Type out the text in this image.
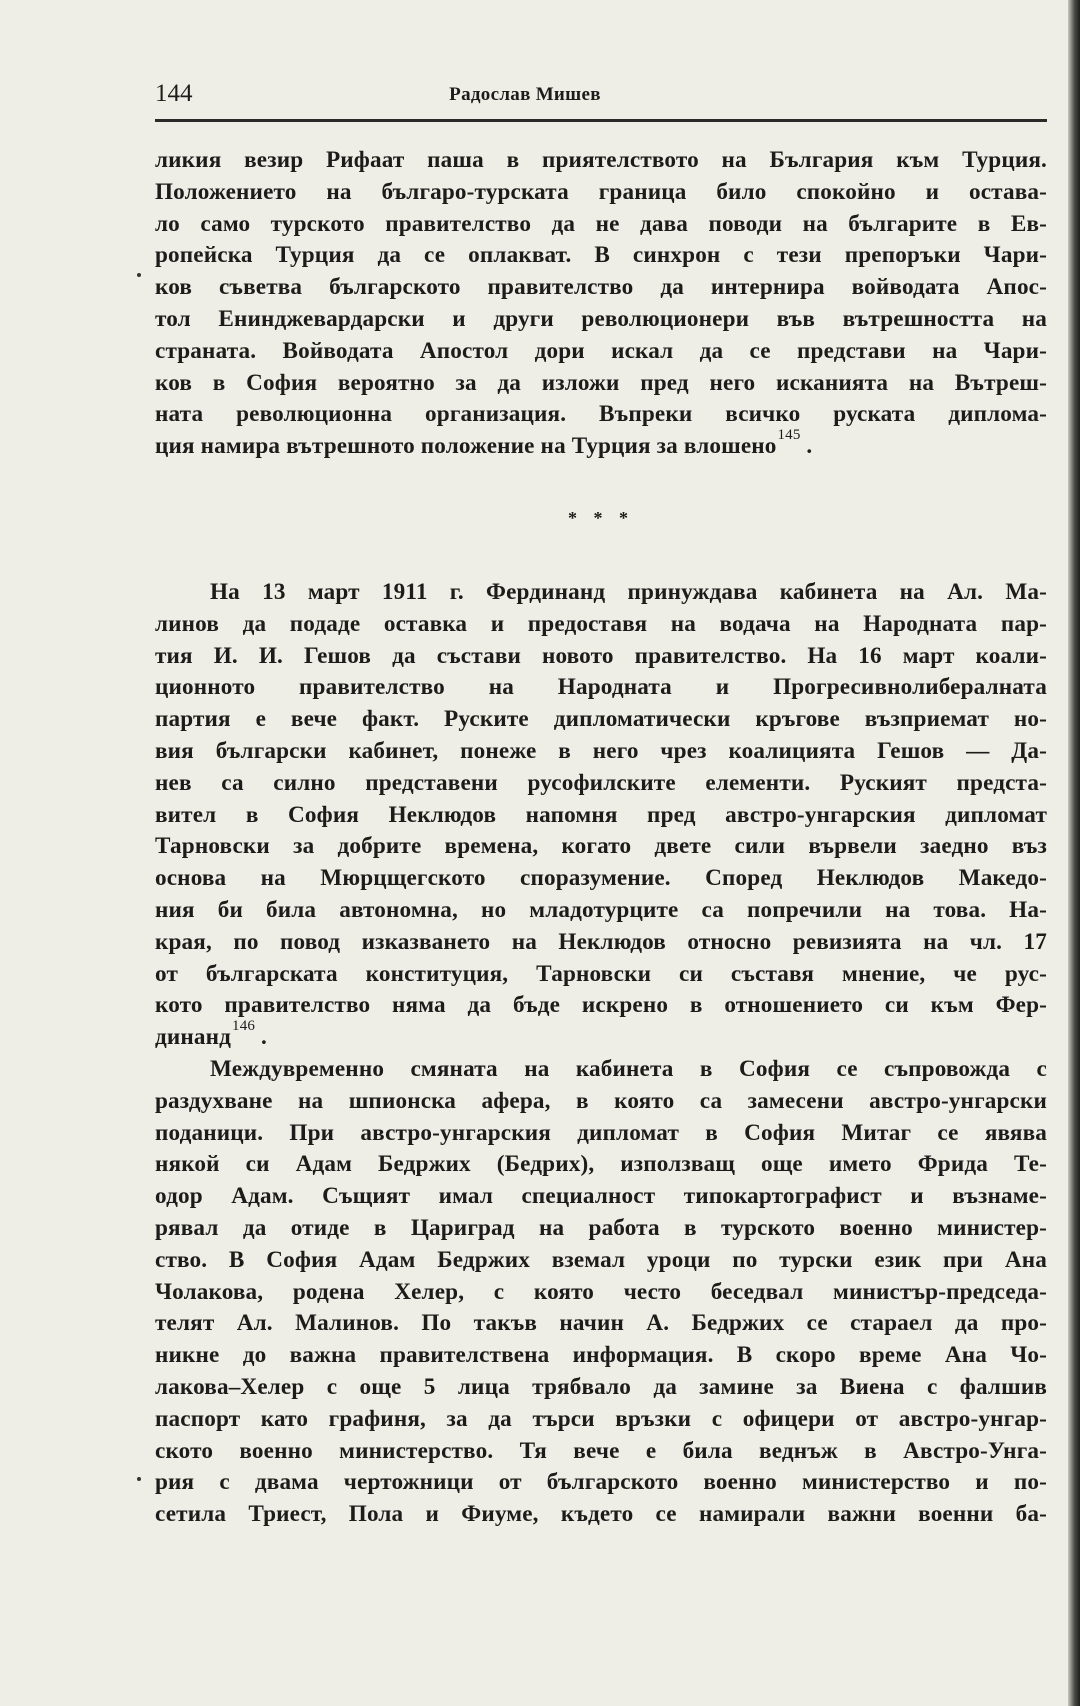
144	Радослав Мишев
ликия везир Рифаат паша в приятелството на България към Турция.
Положението на българо-турската граница било спокойно и остава-
ло само турското правителство да не дава поводи на българите в Ев-
ропейска Турция да се оплакват. В синхрон с тези препоръки Чари-
ков съветва българското правителство да интернира войводата Апос-
тол Енинджевардарски и други революционери във вътрешността на
страната. Войводата Апостол дори искал да се представи на Чари-
ков в София вероятно за да изложи пред него исканията на Вътреш-
ната революционна организация. Въпреки всичко руската диплома-
ция намира вътрешното положение на Турция за влошено$^{145}$ .
* * *
На 13 март 1911 г. Фердинанд принуждава кабинета на Ал. Ма-
линов да подаде оставка и предоставя на водача на Народната пар-
тия И. И. Гешов да състави новото правителство. На 16 март коали-
ционното правителство на Народната и Прогресивнолибералната
партия е вече факт. Руските дипломатически кръгове възприемат но-
вия български кабинет, понеже в него чрез коалицията Гешов — Да-
нев са силно представени русофилските елементи. Руският предста-
вител в София Неклюдов напомня пред австро-унгарския дипломат
Тарновски за добрите времена, когато двете сили вървели заедно въз
основа на Мюрцщегското споразумение. Според Неклюдов Македо-
ния би била автономна, но младотурците са попречили на това. На-
края, по повод изказването на Неклюдов относно ревизията на чл. 17
от българската конституция, Тарновски си съставя мнение, че рус-
кото правителство няма да бъде искрено в отношението си към Фер-
динанд$^{146}$ .
Междувременно смяната на кабинета в София се съпровожда с
раздухване на шпионска афера, в която са замесени австро-унгарски
поданици. При австро-унгарския дипломат в София Митаг се явява
някой си Адам Бедржих (Бедрих), използващ още името Фрида Те-
одор Адам. Същият имал специалност типокартографист и възнаме-
рявал да отиде в Цариград на работа в турското военно министер-
ство. В София Адам Бедржих вземал уроци по турски език при Ана
Чолакова, родена Хелер, с която често беседвал министър-председа-
телят Ал. Малинов. По такъв начин А. Бедржих се стараел да про-
никне до важна правителствена информация. В скоро време Ана Чо-
лакова–Хелер с още 5 лица трябвало да замине за Виена с фалшив
паспорт като графиня, за да търси връзки с офицери от австро-унгар-
ското военно министерство. Тя вече е била веднъж в Австро-Унга-
рия с двама чертожници от българското военно министерство и по-
сетила Триест, Пола и Фиуме, където се намирали важни военни ба-
